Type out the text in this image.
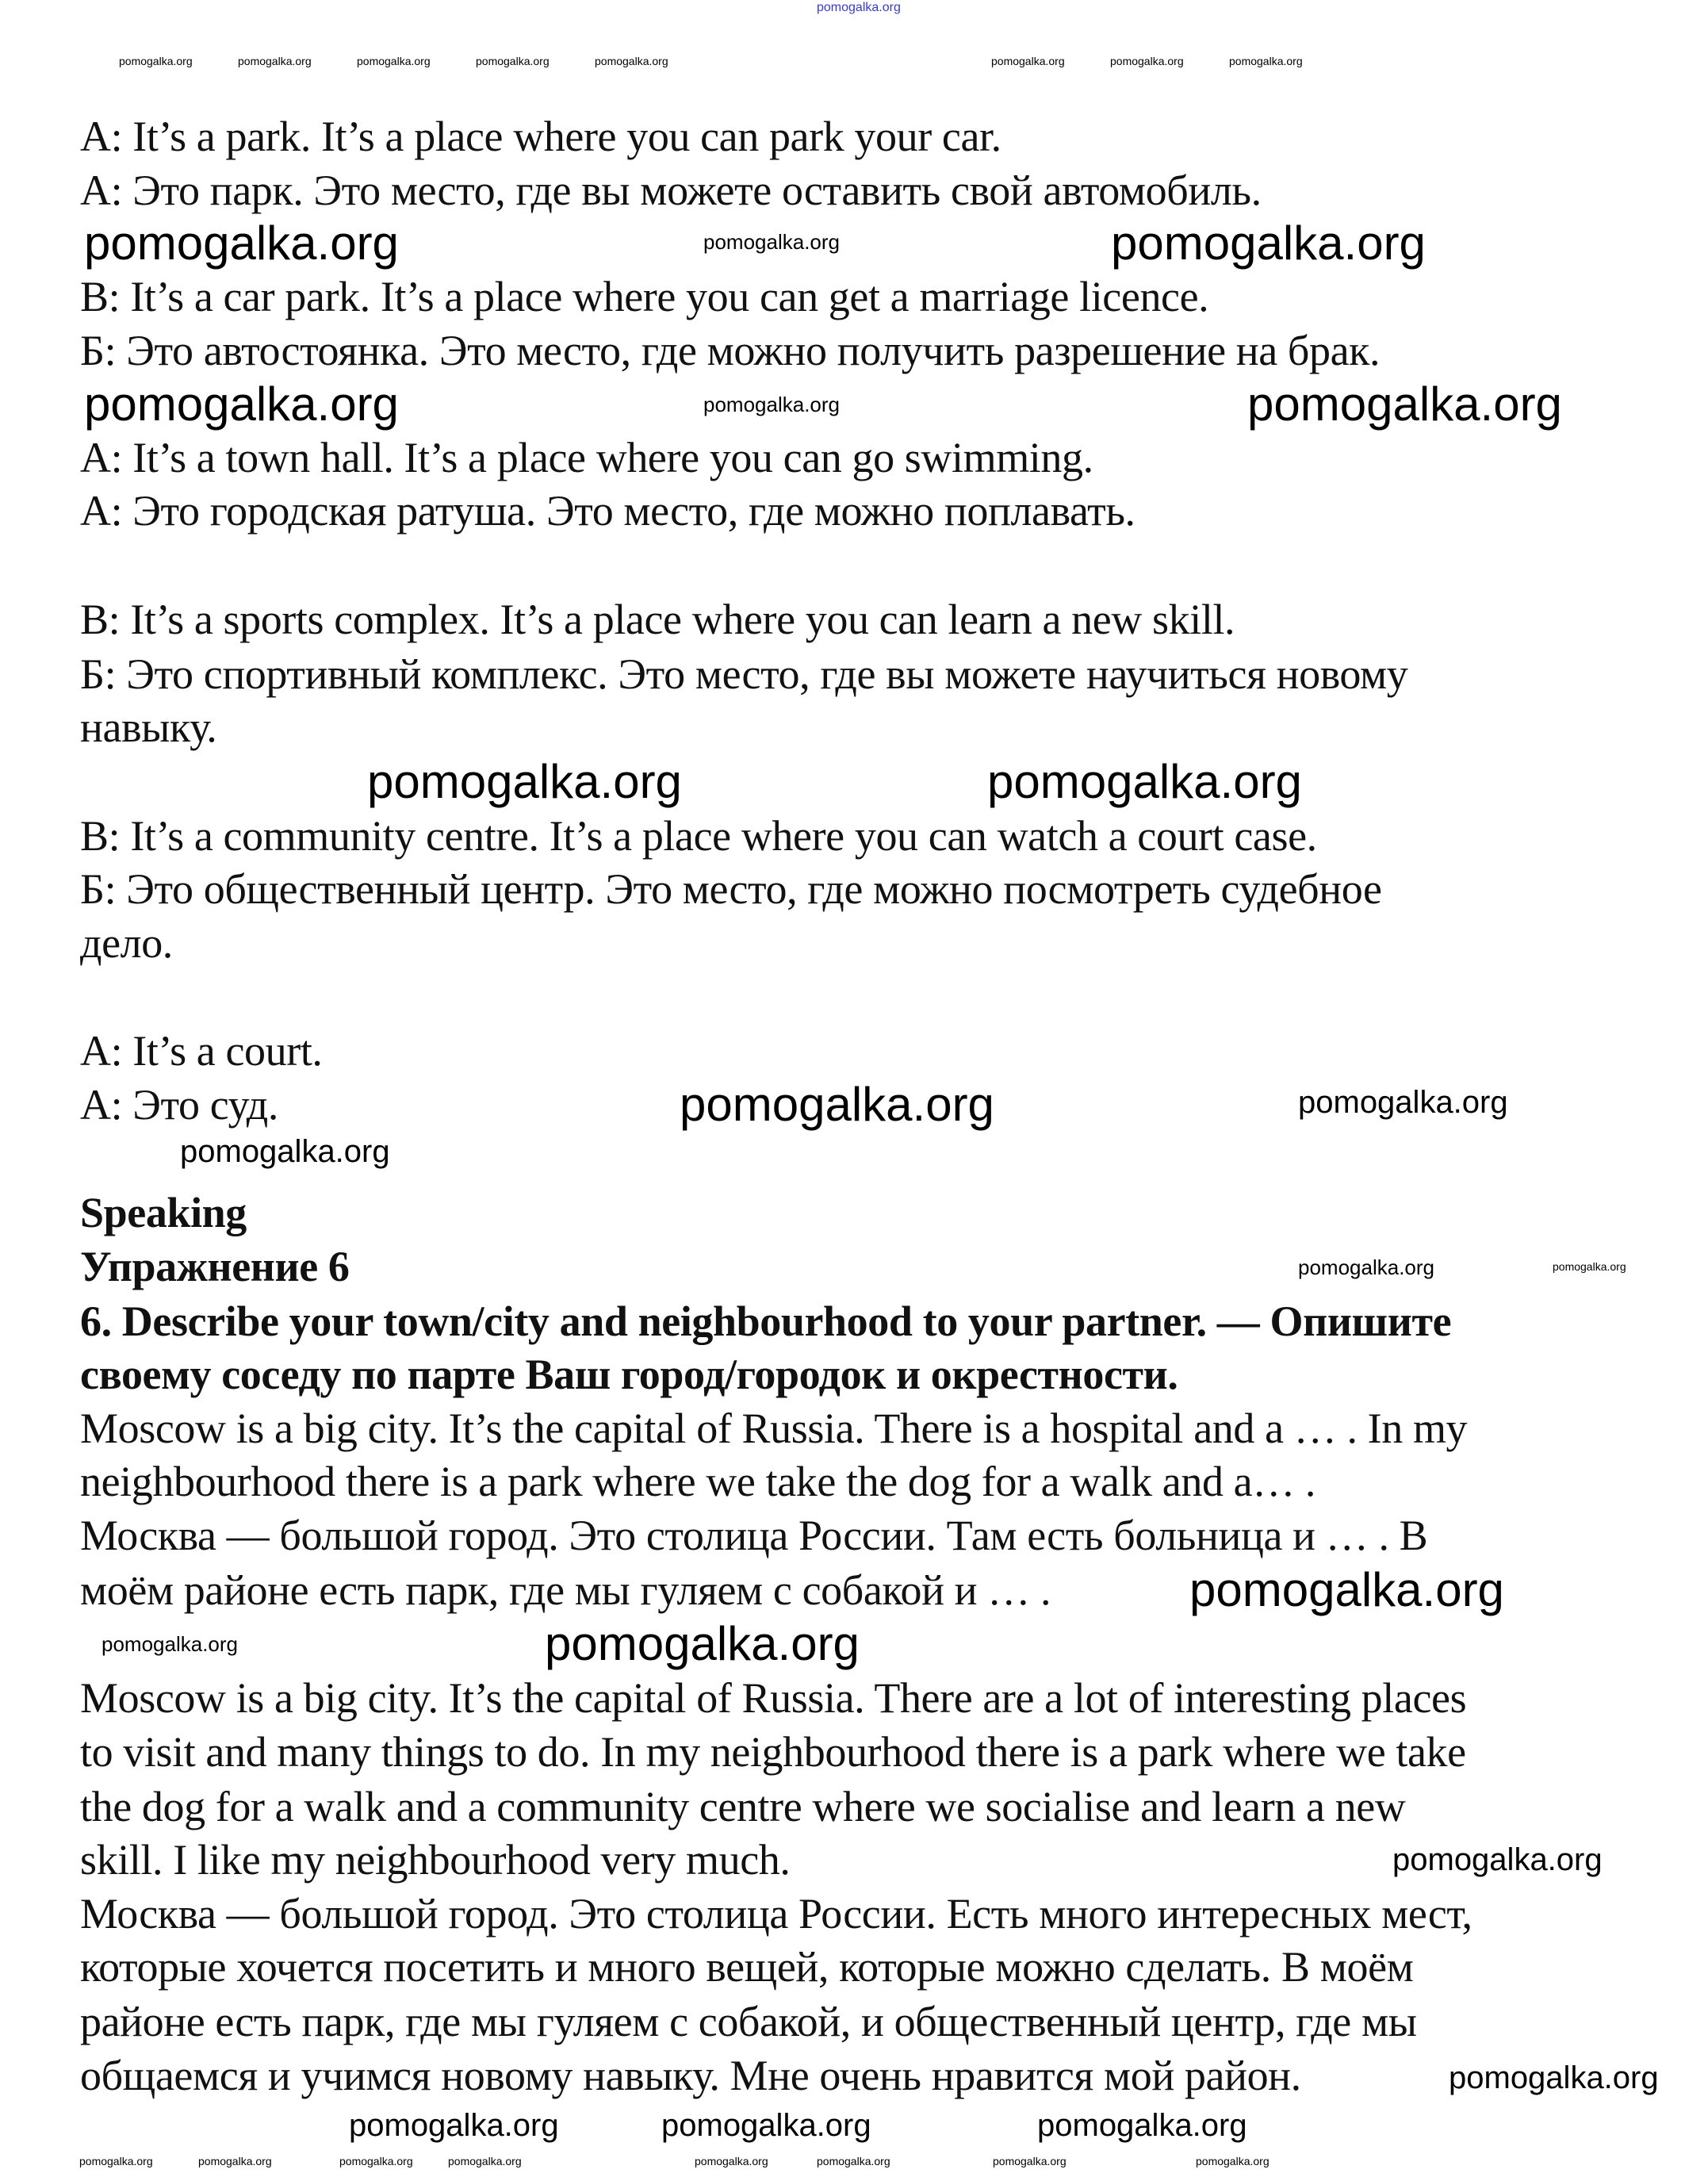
A: It’s a park. It’s a place where you can park your car.
А: Это парк. Это место, где вы можете оставить свой автомобиль.
B: It’s a car park. It’s a place where you can get a marriage licence.
Б: Это автостоянка. Это место, где можно получить разрешение на брак.
A: It’s a town hall. It’s a place where you can go swimming.
А: Это городская ратуша. Это место, где можно поплавать.
B: It’s a sports complex. It’s a place where you can learn a new skill.
Б: Это спортивный комплекс. Это место, где вы можете научиться новому
навыку.
B: It’s a community centre. It’s a place where you can watch a court case.
Б: Это общественный центр. Это место, где можно посмотреть судебное
дело.
A: It’s a court.
А: Это суд.
Speaking
Упражнение 6
6. Describe your town/city and neighbourhood to your partner. — Опишите
своему соседу по парте Ваш город/городок и окрестности.
Moscow is a big city. It’s the capital of Russia. There is a hospital and a … . In my
neighbourhood there is a park where we take the dog for a walk and a… .
Москва — большой город. Это столица России. Там есть больница и … . В
моём районе есть парк, где мы гуляем с собакой и … .
Moscow is a big city. It’s the capital of Russia. There are a lot of interesting places
to visit and many things to do. In my neighbourhood there is a park where we take
the dog for a walk and a community centre where we socialise and learn a new
skill. I like my neighbourhood very much.
Москва — большой город. Это столица России. Есть много интересных мест,
которые хочется посетить и много вещей, которые можно сделать. В моём
районе есть парк, где мы гуляем с собакой, и общественный центр, где мы
общаемся и учимся новому навыку. Мне очень нравится мой район.
pomogalka.org
pomogalka.org	pomogalka.org	pomogalka.org	pomogalka.org	pomogalka.org	pomogalka.org	pomogalka.org	pomogalka.org
pomogalka.org	pomogalka.org	pomogalka.org
pomogalka.org	pomogalka.org	pomogalka.org
pomogalka.org	pomogalka.org
pomogalka.org	pomogalka.org
pomogalka.org
pomogalka.org	pomogalka.org
pomogalka.org
pomogalka.org
pomogalka.org
pomogalka.org
pomogalka.org
pomogalka.org	pomogalka.org	pomogalka.org
pomogalka.org	pomogalka.org	pomogalka.org	pomogalka.org	pomogalka.org	pomogalka.org	pomogalka.org	pomogalka.org
